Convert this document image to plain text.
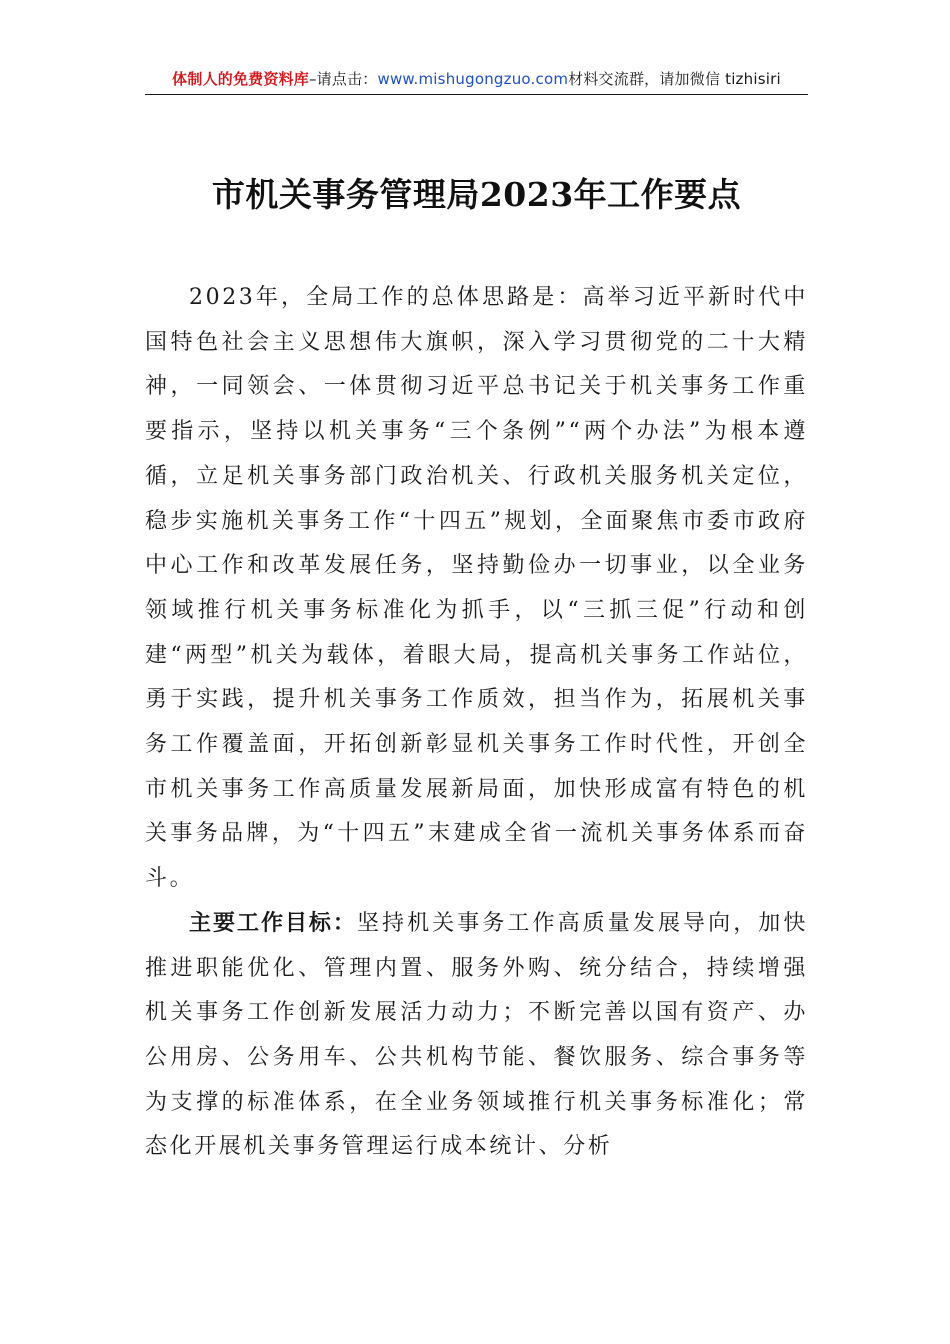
体制人的免费资料库–请点击：www.mishugongzuo.com材料交流群，请加微信 tizhisiri
市机关事务管理局2023年工作要点

2023年，全局工作的总体思路是：高举习近平新时代中国特色社会主义思想伟大旗帜，深入学习贯彻党的二十大精神，一同领会、一体贯彻习近平总书记关于机关事务工作重要指示，坚持以机关事务“三个条例”“两个办法”为根本遵循，立足机关事务部门政治机关、行政机关服务机关定位，稳步实施机关事务工作“十四五”规划，全面聚焦市委市政府中心工作和改革发展任务，坚持勤俭办一切事业，以全业务领域推行机关事务标准化为抓手，以“三抓三促”行动和创建“两型”机关为载体，着眼大局，提高机关事务工作站位，勇于实践，提升机关事务工作质效，担当作为，拓展机关事务工作覆盖面，开拓创新彰显机关事务工作时代性，开创全市机关事务工作高质量发展新局面，加快形成富有特色的机关事务品牌，为“十四五”末建成全省一流机关事务体系而奋斗。

主要工作目标：坚持机关事务工作高质量发展导向，加快推进职能优化、管理内置、服务外购、统分结合，持续增强机关事务工作创新发展活力动力；不断完善以国有资产、办公用房、公务用车、公共机构节能、餐饮服务、综合事务等为支撑的标准体系，在全业务领域推行机关事务标准化；常态化开展机关事务管理运行成本统计、分析
